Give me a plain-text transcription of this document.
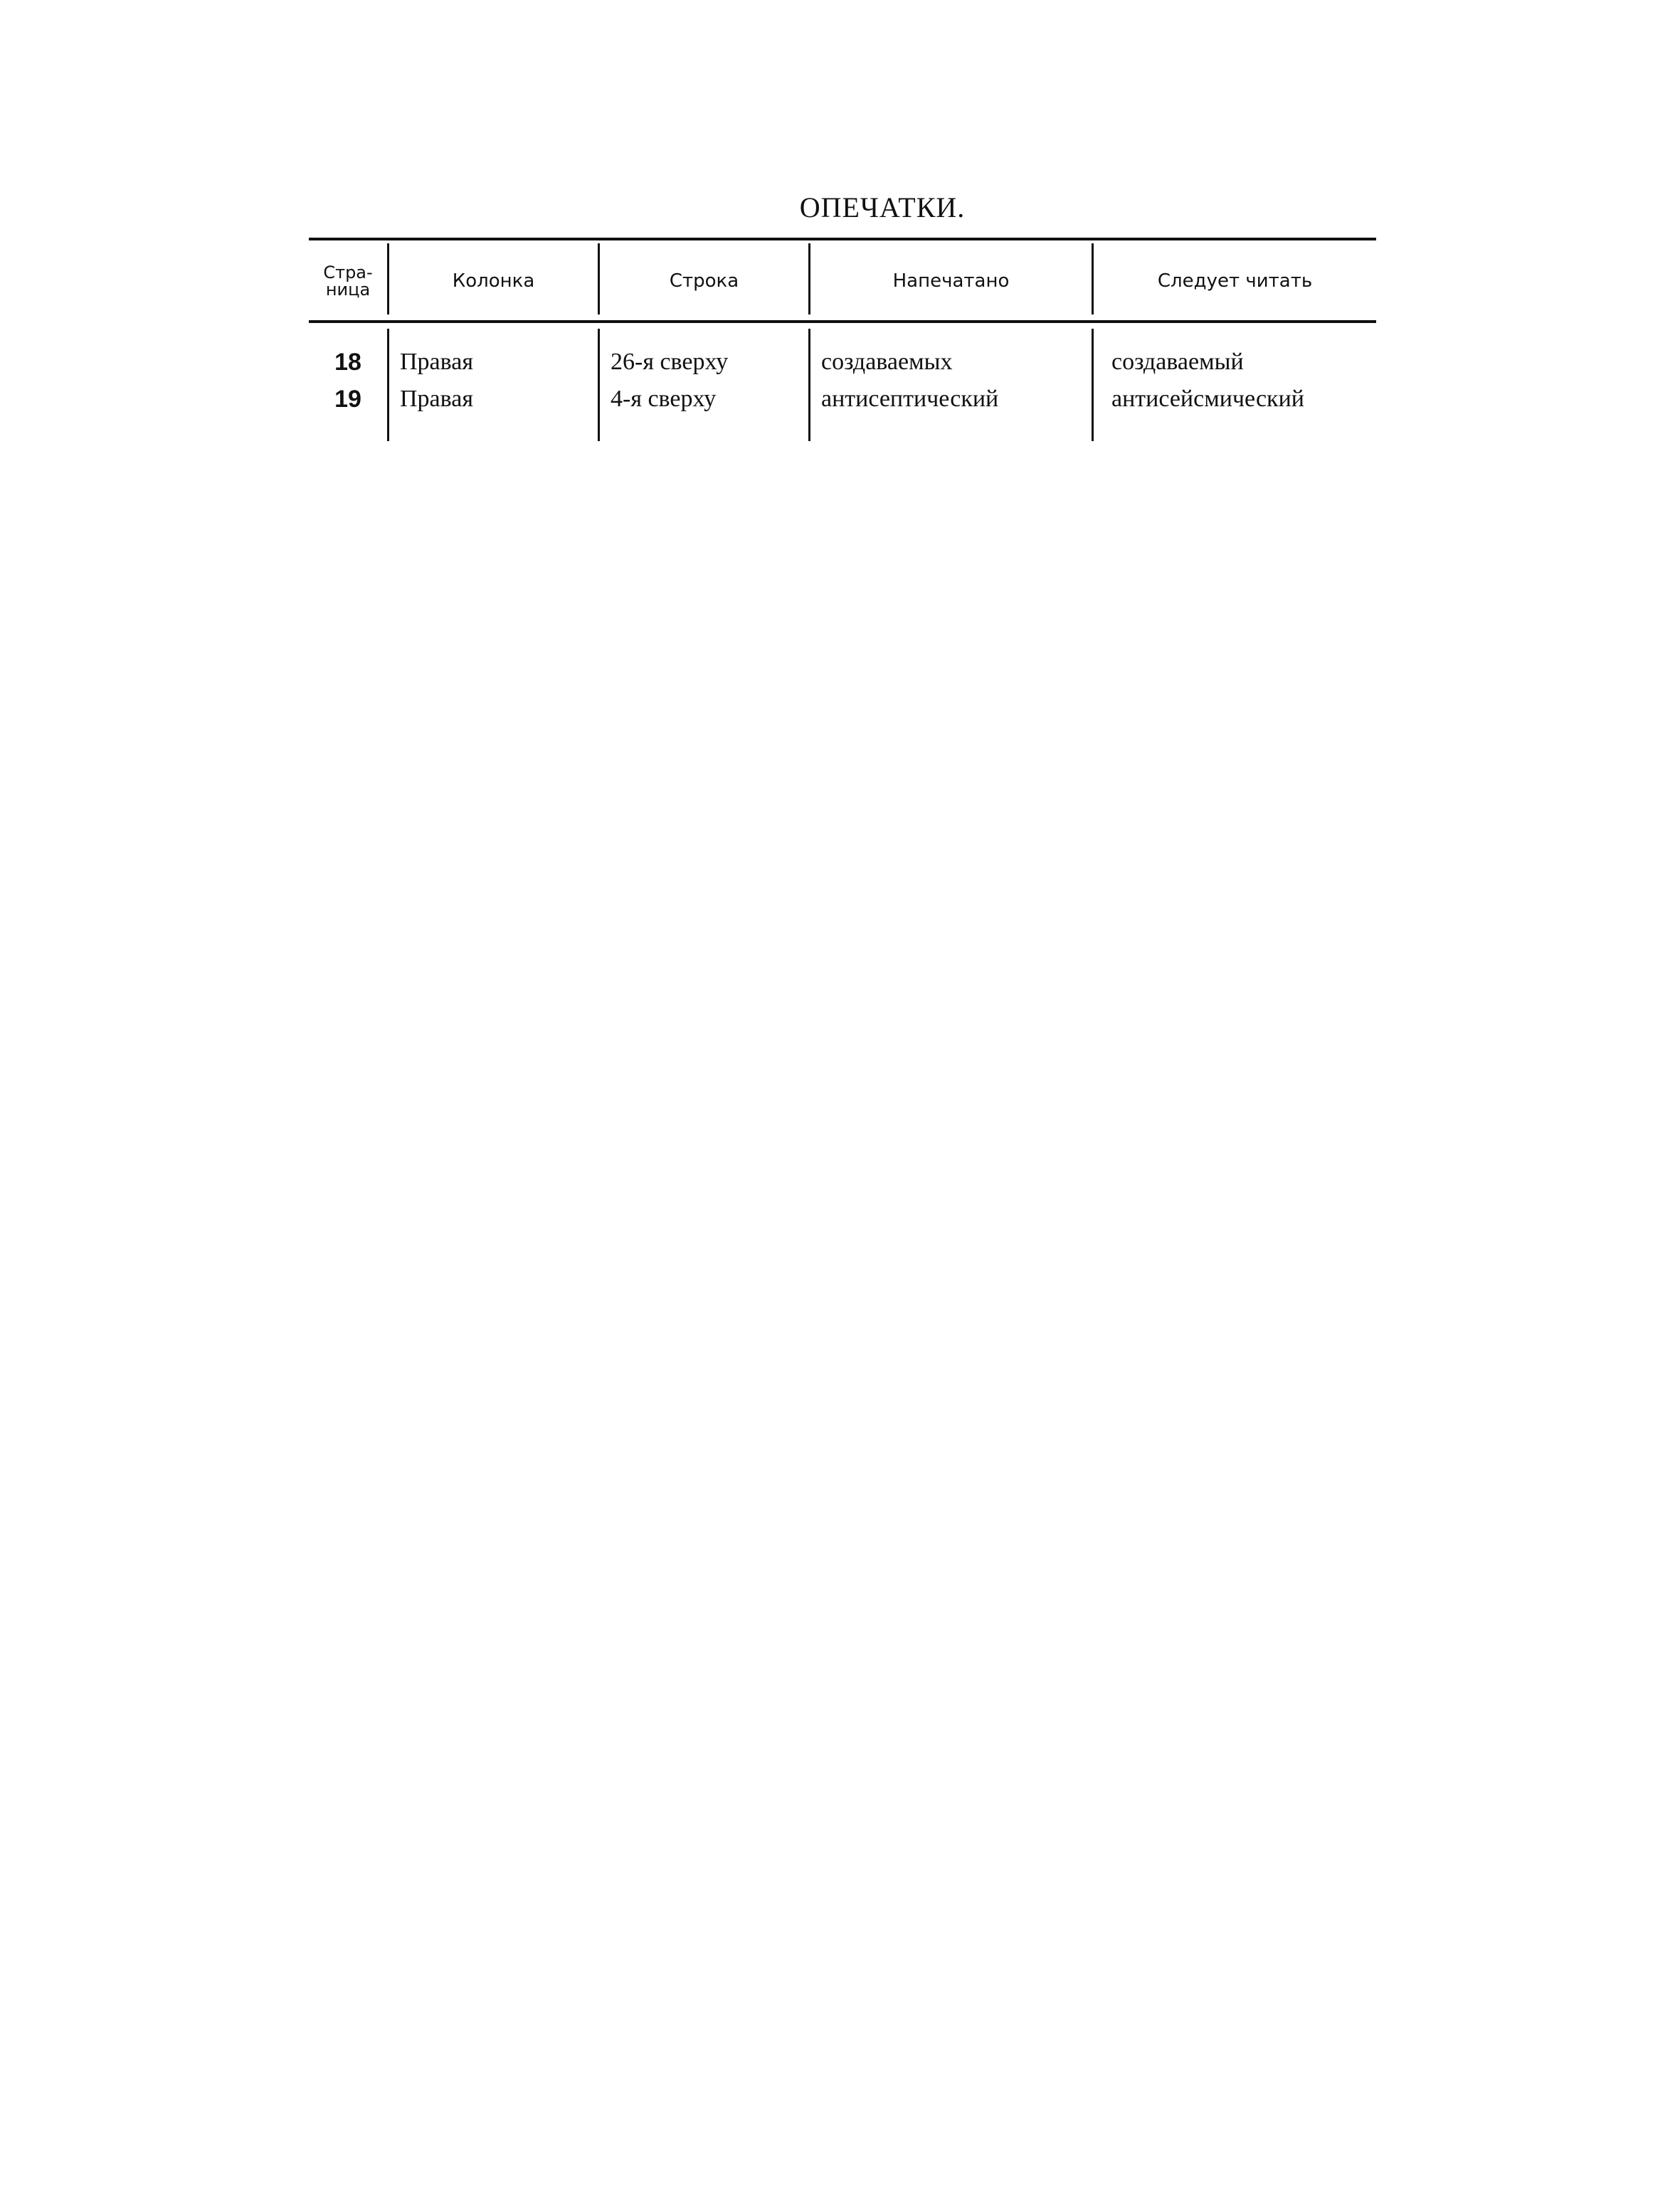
ОПЕЧАТКИ.
Стра-
ница	Колонка	Строка	Напечатано	Следует читать
18	Правая	26-я сверху	создаваемых	создаваемый
19	Правая	4-я сверху	антисептический	антисейсмический
